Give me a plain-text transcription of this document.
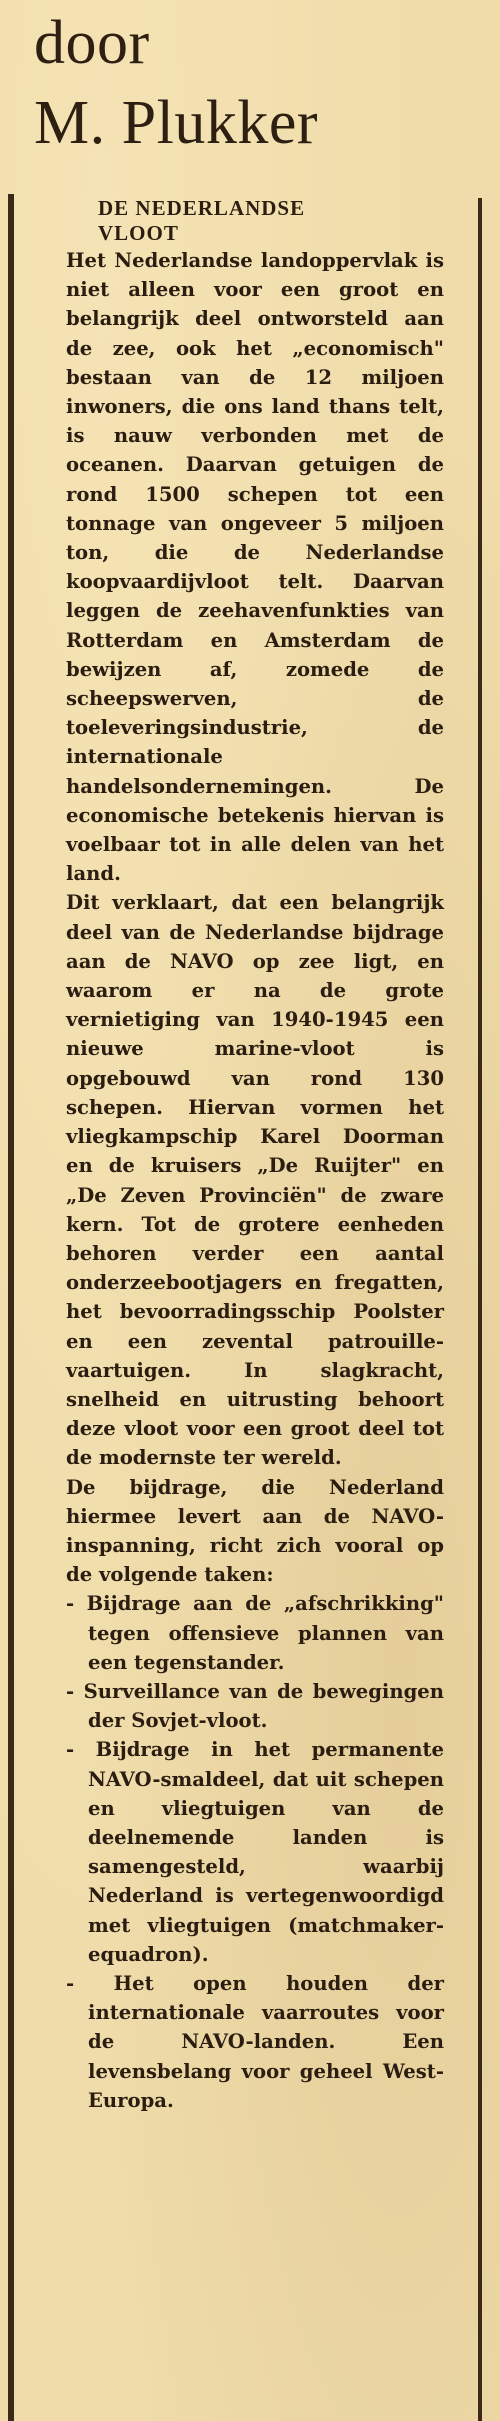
door
M. Plukker
DE NEDERLANDSE
VLOOT

Het Nederlandse landoppervlak is niet alleen voor een groot en belangrijk deel ontworsteld aan de zee, ook het „economisch" bestaan van de 12 miljoen inwoners, die ons land thans telt, is nauw verbonden met de oceanen. Daarvan getuigen de rond 1500 schepen tot een tonnage van ongeveer 5 miljoen ton, die de Nederlandse koopvaardijvloot telt. Daarvan leggen de zeehavenfunkties van Rotterdam en Amsterdam de bewijzen af, zomede de scheepswerven, de toeleveringsindustrie, de internationale handelsondernemingen. De economische betekenis hiervan is voelbaar tot in alle delen van het land.

Dit verklaart, dat een belangrijk deel van de Nederlandse bijdrage aan de NAVO op zee ligt, en waarom er na de grote vernietiging van 1940-1945 een nieuwe marine-vloot is opgebouwd van rond 130 schepen. Hiervan vormen het vliegkampschip Karel Doorman en de kruisers „De Ruijter" en „De Zeven Provinciën" de zware kern. Tot de grotere eenheden behoren verder een aantal onderzeebootjagers en fregatten, het bevoorradingsschip Poolster en een zevental patrouille-vaartuigen. In slagkracht, snelheid en uitrusting behoort deze vloot voor een groot deel tot de modernste ter wereld.

De bijdrage, die Nederland hiermee levert aan de NAVO-inspanning, richt zich vooral op de volgende taken:

- Bijdrage aan de „afschrikking" tegen offensieve plannen van een tegenstander.
- Surveillance van de bewegingen der Sovjet-vloot.
- Bijdrage in het permanente NAVO-smaldeel, dat uit schepen en vliegtuigen van de deelnemende landen is samengesteld, waarbij Nederland is vertegenwoordigd met vliegtuigen (matchmaker-equadron).
- Het open houden der internationale vaarroutes voor de NAVO-landen. Een levensbelang voor geheel West-Europa.
